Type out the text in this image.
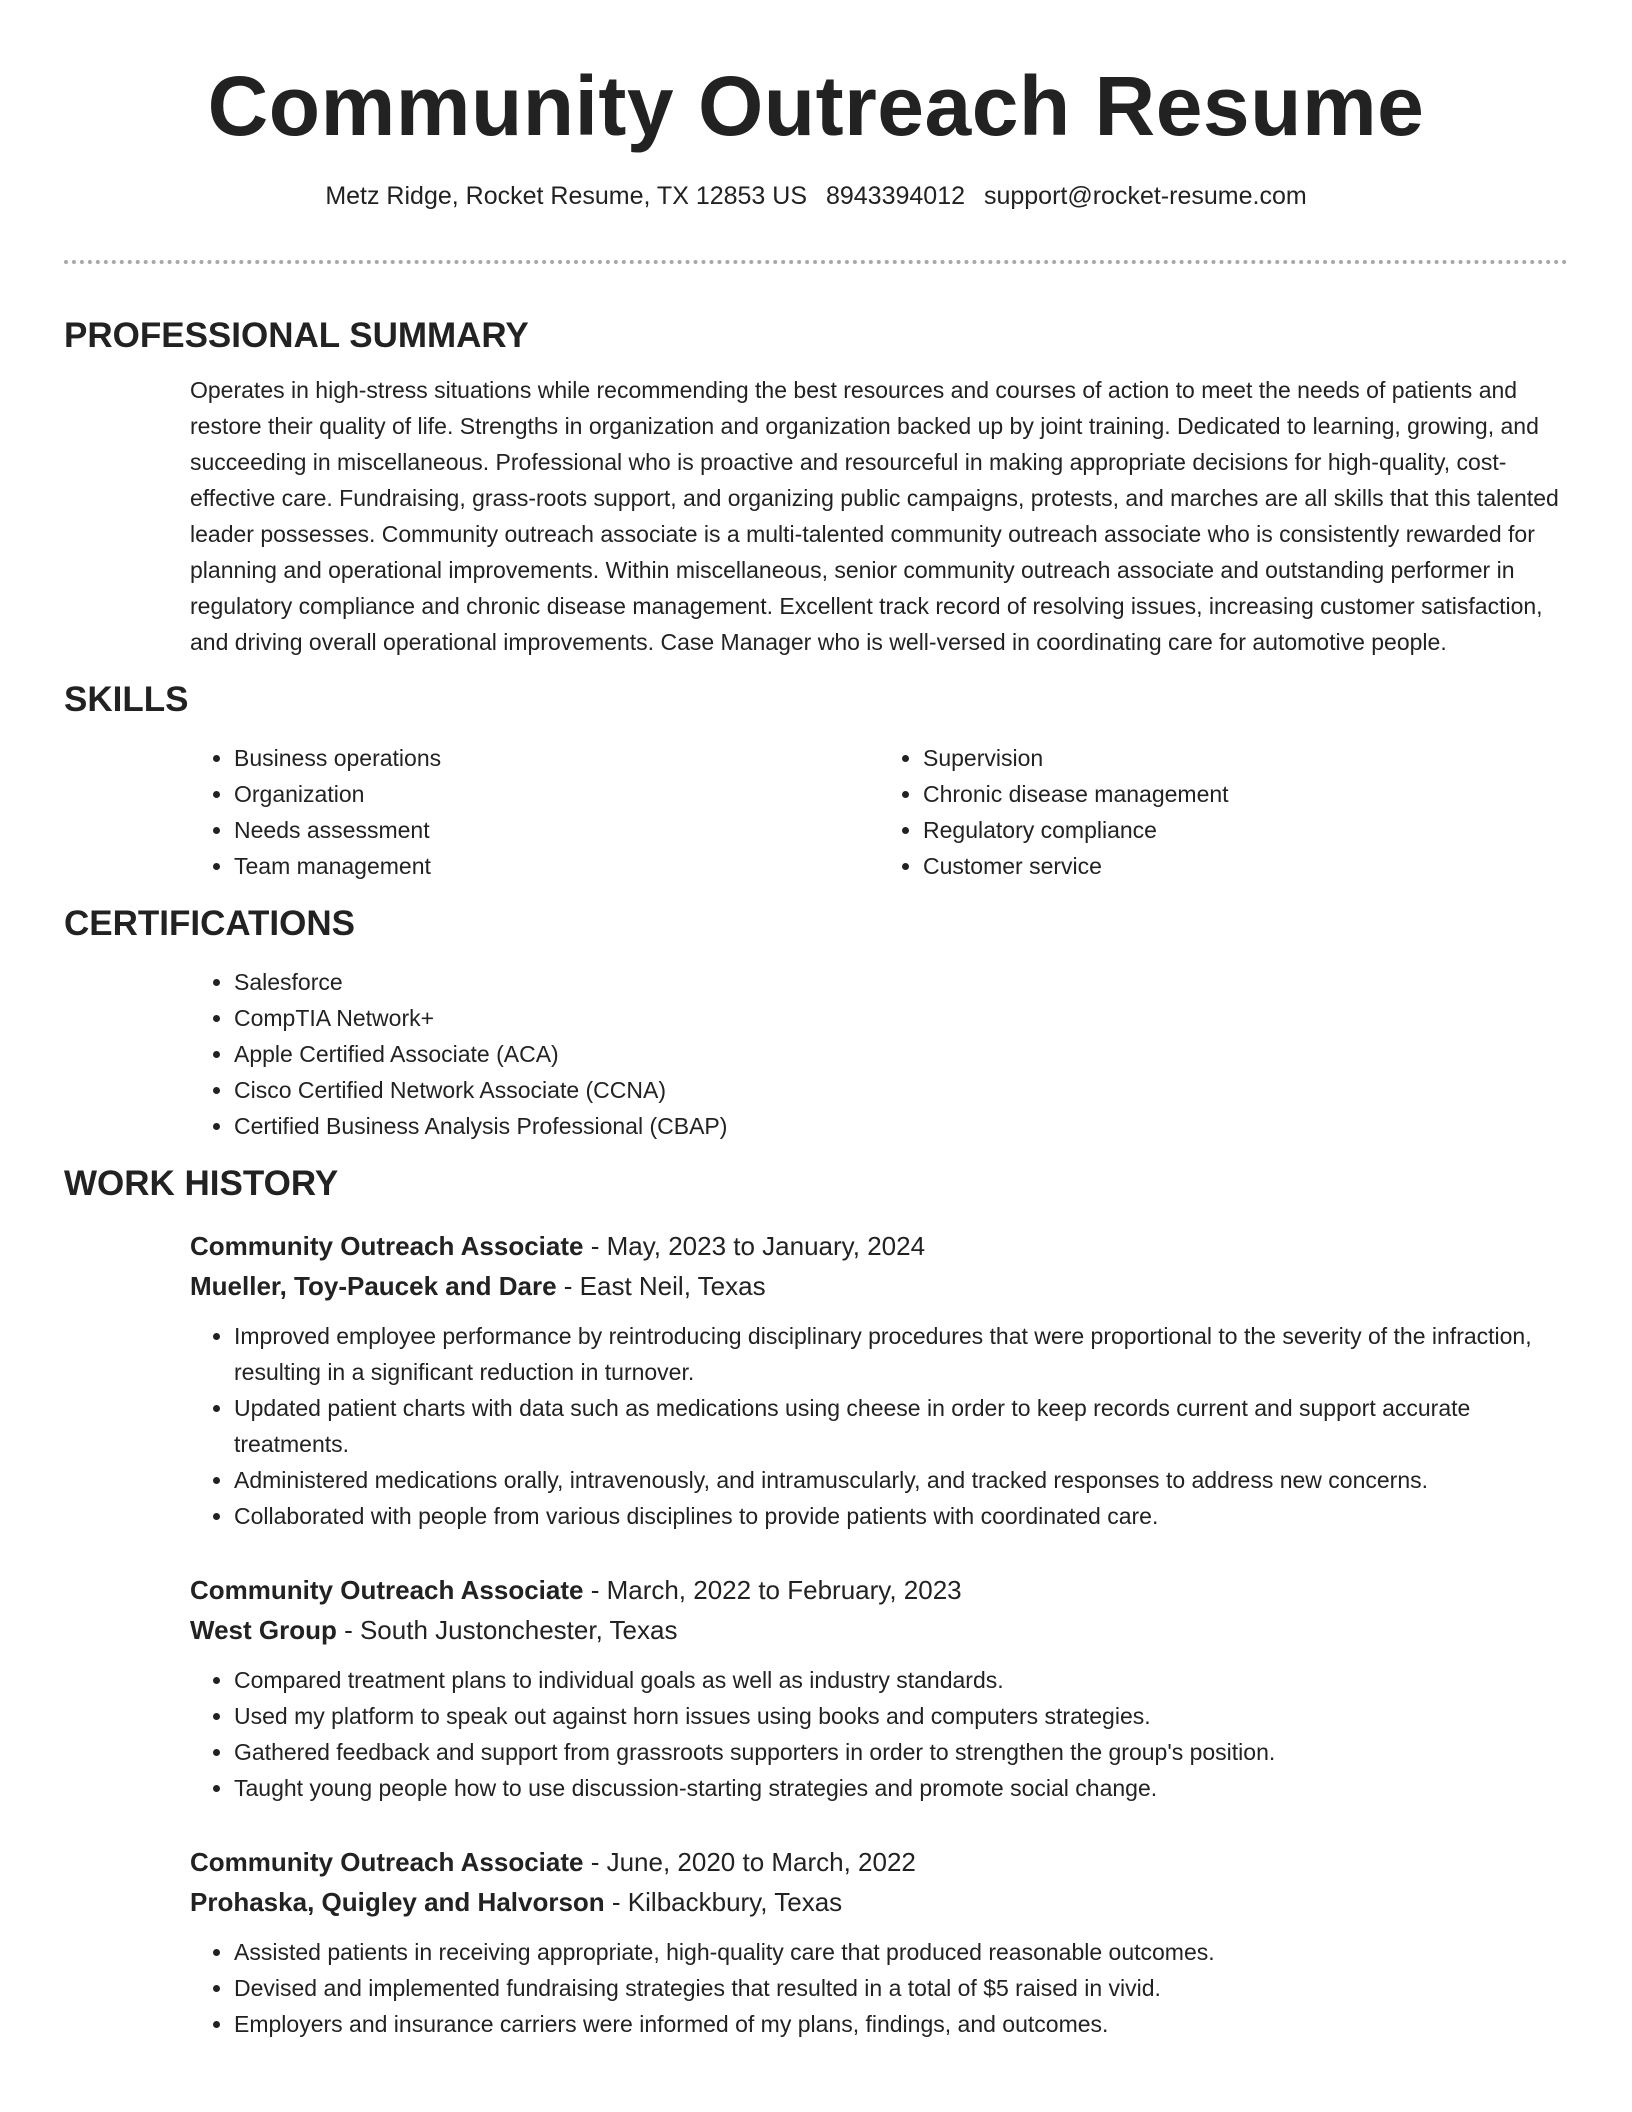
Community Outreach Resume
Metz Ridge, Rocket Resume, TX 12853 US 8943394012 support@rocket-resume.com
PROFESSIONAL SUMMARY
Operates in high-stress situations while recommending the best resources and courses of action to meet the needs of patients and restore their quality of life. Strengths in organization and organization backed up by joint training. Dedicated to learning, growing, and succeeding in miscellaneous. Professional who is proactive and resourceful in making appropriate decisions for high-quality, cost-effective care. Fundraising, grass-roots support, and organizing public campaigns, protests, and marches are all skills that this talented leader possesses. Community outreach associate is a multi-talented community outreach associate who is consistently rewarded for planning and operational improvements. Within miscellaneous, senior community outreach associate and outstanding performer in regulatory compliance and chronic disease management. Excellent track record of resolving issues, increasing customer satisfaction, and driving overall operational improvements. Case Manager who is well-versed in coordinating care for automotive people.
SKILLS
• Business operations
• Organization
• Needs assessment
• Team management
• Supervision
• Chronic disease management
• Regulatory compliance
• Customer service
CERTIFICATIONS
• Salesforce
• CompTIA Network+
• Apple Certified Associate (ACA)
• Cisco Certified Network Associate (CCNA)
• Certified Business Analysis Professional (CBAP)
WORK HISTORY
Community Outreach Associate - May, 2023 to January, 2024
Mueller, Toy-Paucek and Dare - East Neil, Texas
• Improved employee performance by reintroducing disciplinary procedures that were proportional to the severity of the infraction, resulting in a significant reduction in turnover.
• Updated patient charts with data such as medications using cheese in order to keep records current and support accurate treatments.
• Administered medications orally, intravenously, and intramuscularly, and tracked responses to address new concerns.
• Collaborated with people from various disciplines to provide patients with coordinated care.
Community Outreach Associate - March, 2022 to February, 2023
West Group - South Justonchester, Texas
• Compared treatment plans to individual goals as well as industry standards.
• Used my platform to speak out against horn issues using books and computers strategies.
• Gathered feedback and support from grassroots supporters in order to strengthen the group's position.
• Taught young people how to use discussion-starting strategies and promote social change.
Community Outreach Associate - June, 2020 to March, 2022
Prohaska, Quigley and Halvorson - Kilbackbury, Texas
• Assisted patients in receiving appropriate, high-quality care that produced reasonable outcomes.
• Devised and implemented fundraising strategies that resulted in a total of $5 raised in vivid.
• Employers and insurance carriers were informed of my plans, findings, and outcomes.
